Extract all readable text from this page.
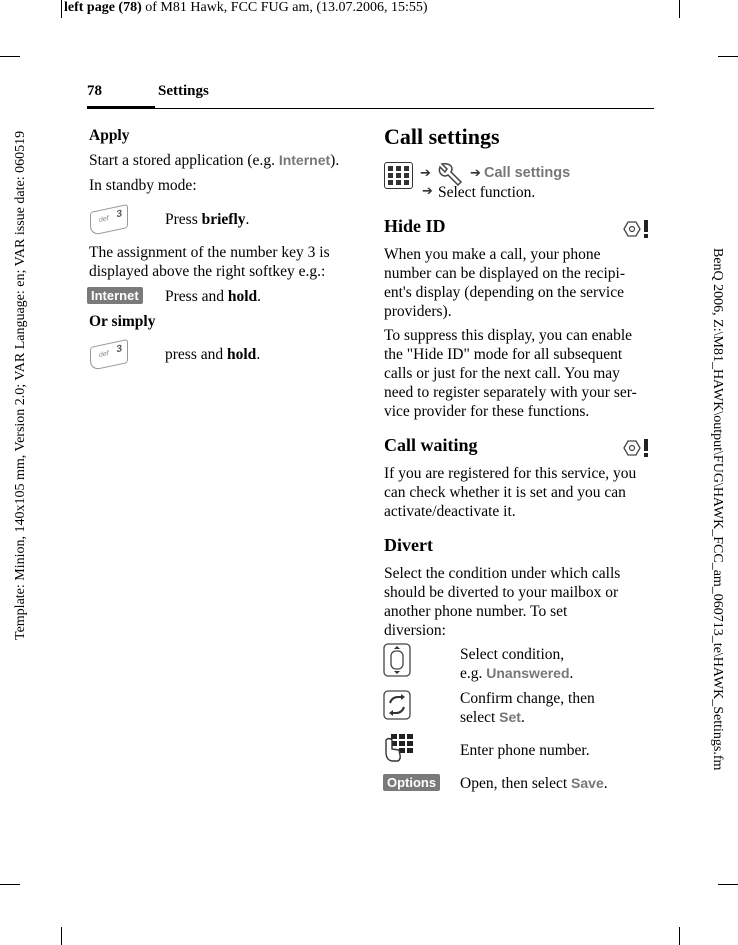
left page (78) of M81 Hawk, FCC FUG am, (13.07.2006, 15:55)
Template: Minion, 140x105 mm, Version 2.0; VAR Language: en; VAR issue date: 060519	BenQ 2006, Z:\M81_HAWK\output\FUG\HAWK_FCC_am_060713_te\HAWK_Settings.fm
78	Settings
Apply
Start a stored application (e.g. Internet).
In standby mode:
3
def	Press briefly.
The assignment of the number key 3 is
displayed above the right softkey e.g.:
Internet Press and hold.
Or simply
3
def	press and hold.
Call settings
➔	➔ Call settings
➔ Select function.
Hide ID
When you make a call, your phone
number can be displayed on the recipi-
ent's display (depending on the service
providers).
To suppress this display, you can enable
the "Hide ID" mode for all subsequent
calls or just for the next call. You may
need to register separately with your ser-
vice provider for these functions.
Call waiting
If you are registered for this service, you
can check whether it is set and you can
activate/deactivate it.
Divert
Select the condition under which calls
should be diverted to your mailbox or
another phone number. To set
diversion:
Select condition,
e.g. Unanswered.
Confirm change, then
select Set.
Enter phone number.
Options Open, then select Save.
